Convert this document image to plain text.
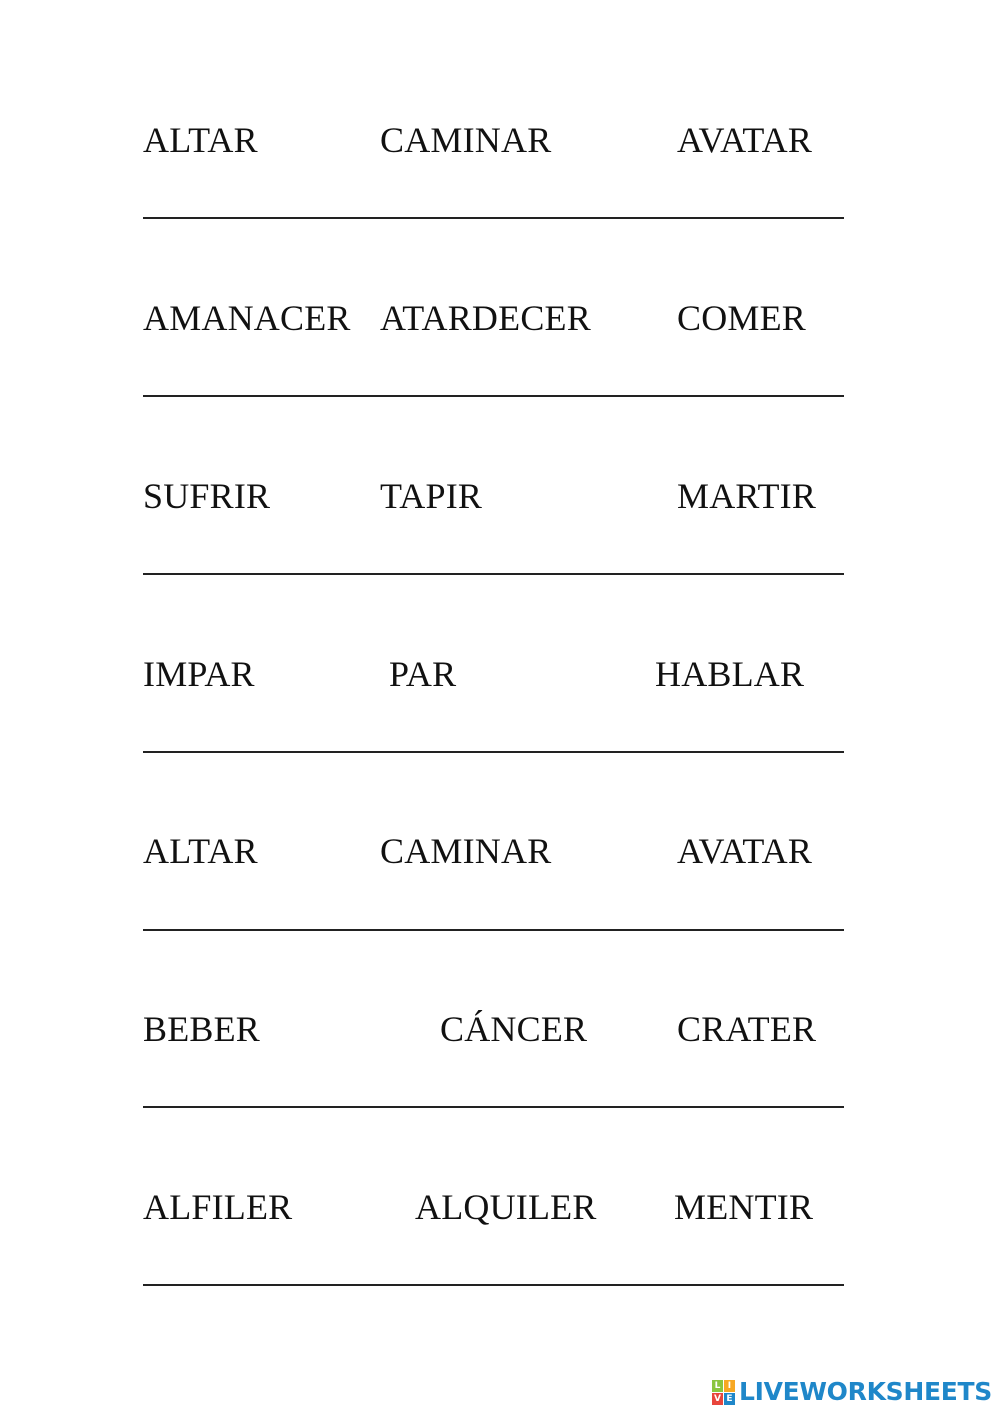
ALTAR	CAMINAR	AVATAR
AMANACER ATARDECER COMER
SUFRIR	TAPIR	MARTIR
IMPAR	PAR	HABLAR
ALTAR	CAMINAR	AVATAR
BEBER	CÁNCER CRATER
ALFILER	ALQUILER MENTIR
L I
V E LIVEWORKSHEETS
